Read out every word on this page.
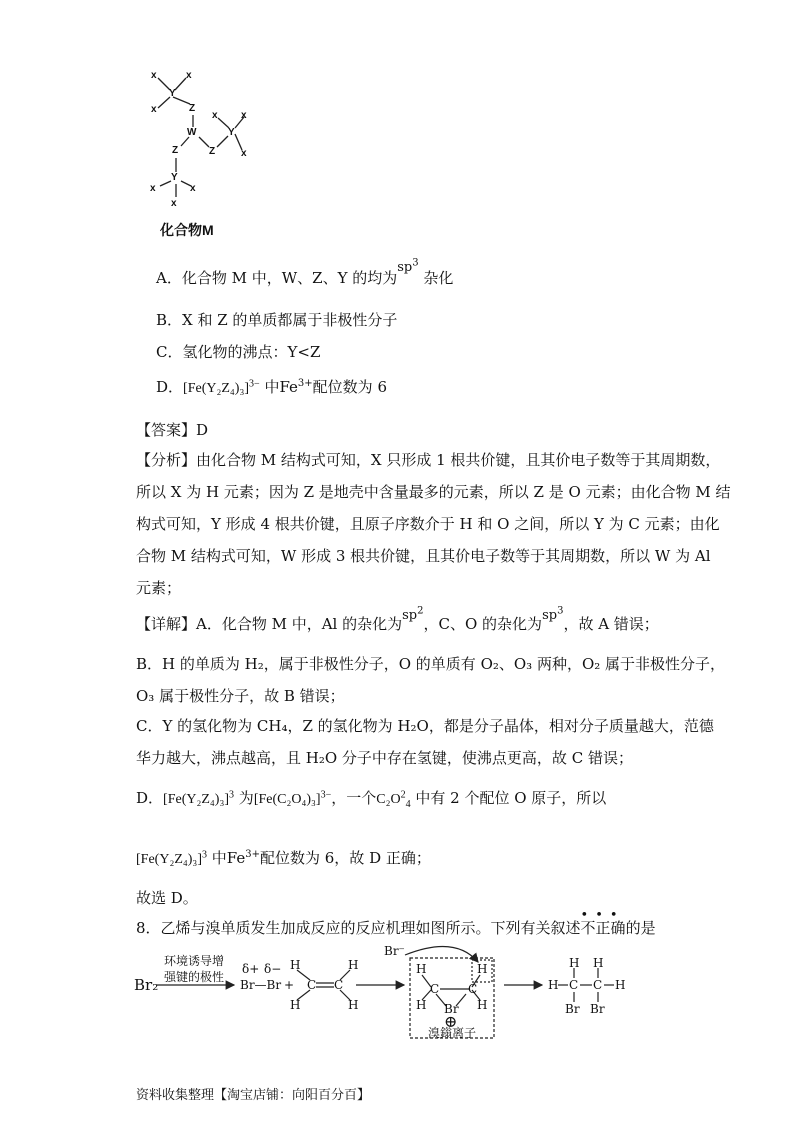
x	x
Y
x	Z
W
x x
Y
Z	x
Z
Y
x	x
x
化合物M
A．化合物 M 中，W、Z、Y 的均为$sp^3$ 杂化
B．X 和 Z 的单质都属于非极性分子
C．氢化物的沸点：Y<Z
D．$[Fe(Y_2Z_4)_3]^{3-}$ 中$Fe^{3+}$配位数为 6
【答案】D
【分析】由化合物 M 结构式可知，X 只形成 1 根共价键，且其价电子数等于其周期数，
所以 X 为 H 元素；因为 Z 是地壳中含量最多的元素，所以 Z 是 O 元素；由化合物 M 结
构式可知，Y 形成 4 根共价键，且原子序数介于 H 和 O 之间，所以 Y 为 C 元素；由化
合物 M 结构式可知，W 形成 3 根共价键，且其价电子数等于其周期数，所以 W 为 Al
元素；
【详解】A．化合物 M 中，Al 的杂化为$sp^2$，C、O 的杂化为$sp^3$，故 A 错误；
B．H 的单质为 H₂，属于非极性分子，O 的单质有 O₂、O₃ 两种，O₂ 属于非极性分子，
O₃ 属于极性分子，故 B 错误；
C．Y 的氢化物为 CH₄，Z 的氢化物为 H₂O，都是分子晶体，相对分子质量越大，范德
华力越大，沸点越高，且 H₂O 分子中存在氢键，使沸点更高，故 C 错误；
D．$[Fe(Y_2Z_4)_3]^3$ 为$[Fe(C_2O_4)_3]^{3-}$，一个$C_2O^2_4$ 中有 2 个配位 O 原子，所以
$[Fe(Y_2Z_4)_3]^3$ 中$Fe^{3+}$配位数为 6，故 D 正确；
故选 D。
8．乙烯与溴单质发生加成反应的反应机理如图所示。下列有关叙述不正确
•••
的是
Br₂
环境诱导增
强键的极性
δ+ δ−
Br—Br +
H
H
C C
H
H
Br⁻
H
H
C C
H
H
Br
⊕
溴鎓离子
H C C H
H H
Br Br
资料收集整理【淘宝店铺：向阳百分百】
